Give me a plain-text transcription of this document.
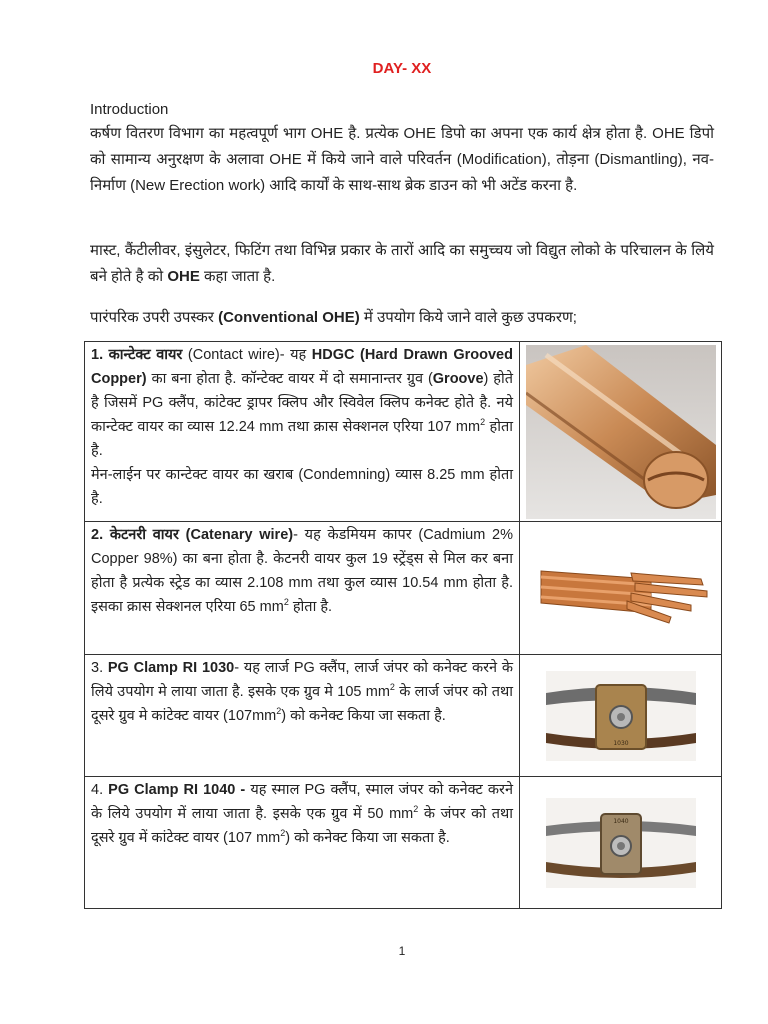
DAY- XX

Introduction

कर्षण वितरण विभाग का महत्वपूर्ण भाग OHE है. प्रत्येक OHE डिपो का अपना एक कार्य क्षेत्र होता है. OHE डिपो को सामान्य अनुरक्षण के अलावा OHE में किये जाने वाले परिवर्तन (Modification), तोड़ना (Dismantling), नव-निर्माण (New Erection work) आदि कार्यों के साथ-साथ ब्रेक डाउन को भी अटेंड करना है.

मास्ट, कैंटीलीवर, इंसुलेटर, फिटिंग तथा विभिन्न प्रकार के तारों आदि का समुच्चय जो विद्युत लोको के परिचालन के लिये बने होते है को OHE कहा जाता है.

पारंपरिक उपरी उपस्कर (Conventional OHE) में उपयोग किये जाने वाले कुछ उपकरण;

1. कान्टेक्ट वायर (Contact wire)- यह HDGC (Hard Drawn Grooved Copper) का बना होता है. कॉन्टेक्ट वायर में दो समानान्तर ग्रुव (Groove) होते है जिसमें PG क्लैंप, कांटेक्ट ड्रापर क्लिप और स्विवेल क्लिप कनेक्ट होते है. नये कान्टेक्ट वायर का व्यास 12.24 mm तथा क्रास सेक्शनल एरिया 107 $mm^2$ होता है.
मेन-लाईन पर कान्टेक्ट वायर का खराब (Condemning) व्यास 8.25 mm होता है.	

2. केटनरी वायर (Catenary wire)- यह केडमियम कापर (Cadmium 2% Copper 98%) का बना होता है. केटनरी वायर कुल 19 स्ट्रेंड्स से मिल कर बना होता है प्रत्येक स्ट्रेड का व्यास 2.108 mm तथा कुल व्यास 10.54 mm होता है. इसका क्रास सेक्शनल एरिया 65 $mm^2$ होता है.	

3. PG Clamp RI 1030- यह लार्ज PG क्लैंप, लार्ज जंपर को कनेक्ट करने के लिये उपयोग मे लाया जाता है. इसके एक ग्रुव मे 105 $mm^2$ के लार्ज जंपर को तथा दूसरे ग्रुव मे कांटेक्ट वायर $(107mm^2)$ को कनेक्ट किया जा सकता है.	1030

4. PG Clamp RI 1040 - यह स्माल PG क्लैंप, स्माल जंपर को कनेक्ट करने के लिये उपयोग में लाया जाता है. इसके एक ग्रुव में 50 $mm^2$ के जंपर को तथा दूसरे ग्रुव में कांटेक्ट वायर (107 $mm^2$) को कनेक्ट किया जा सकता है.	1040
1
